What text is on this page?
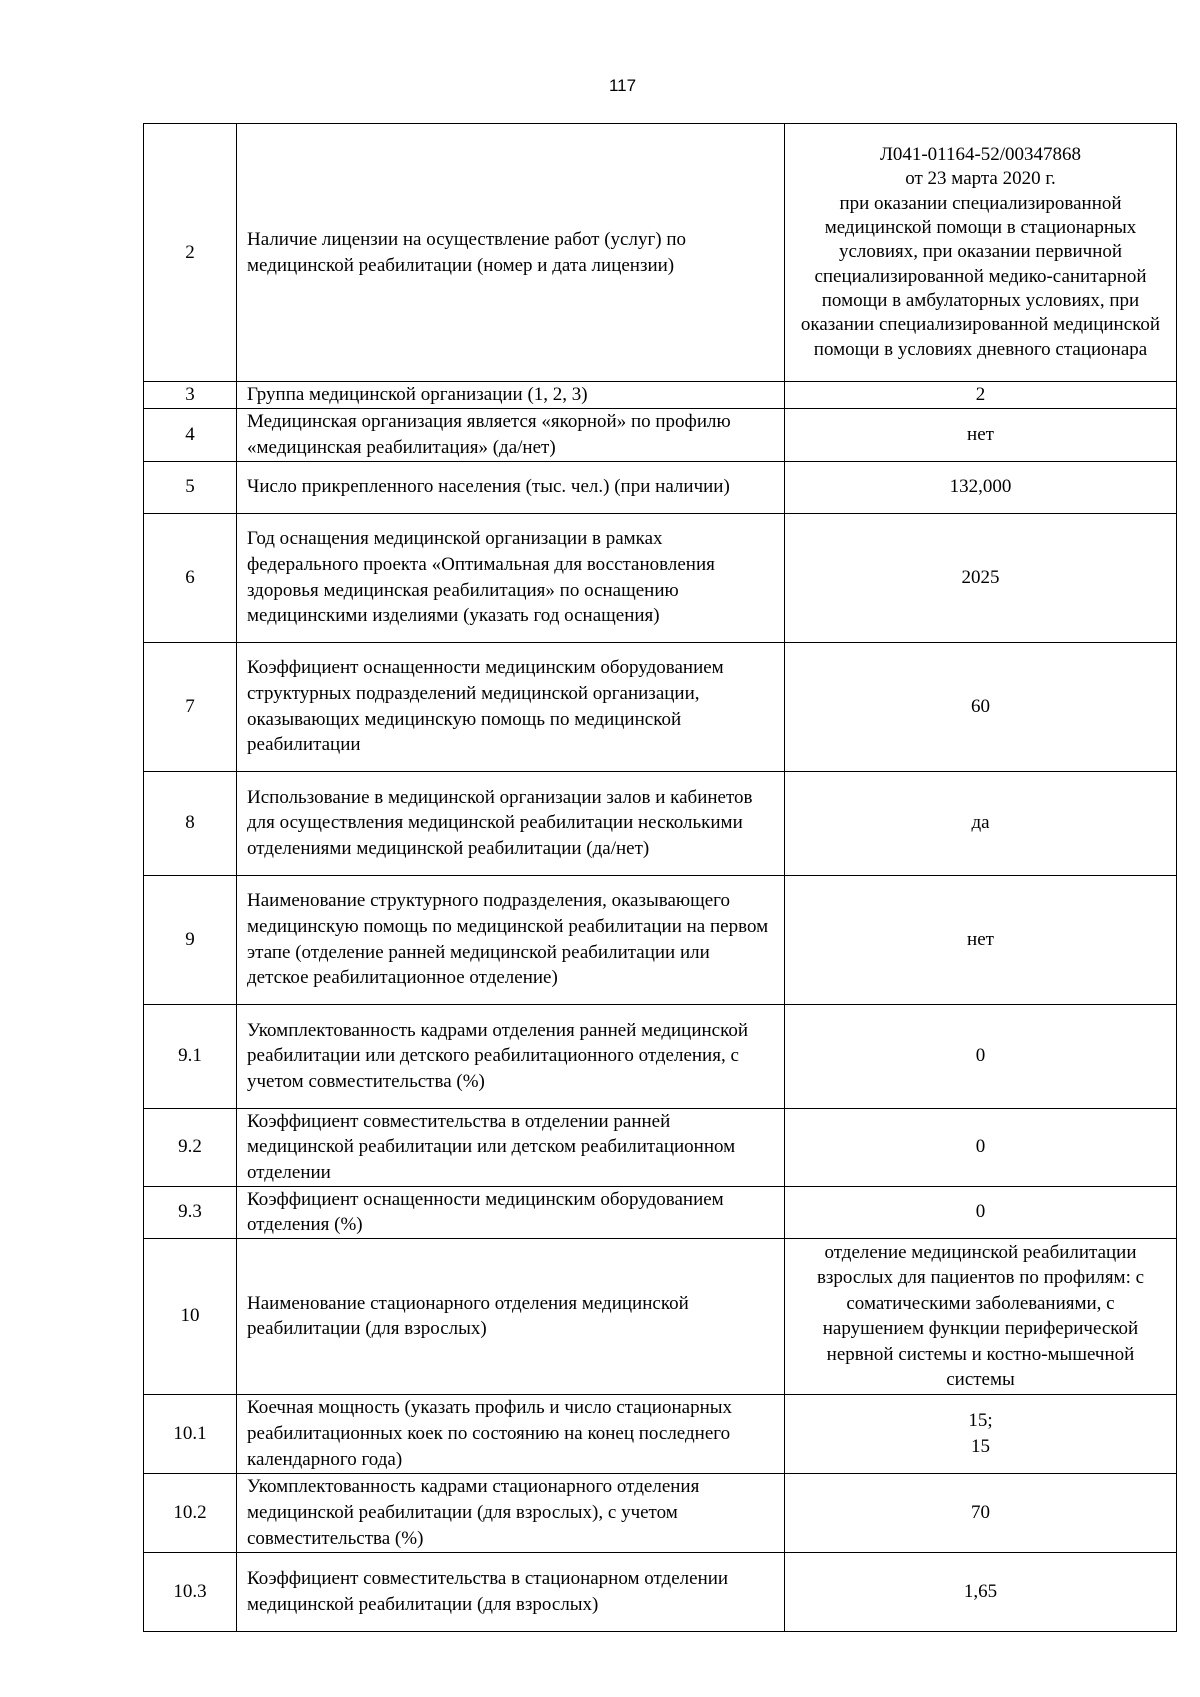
117
2	Наличие лицензии на осуществление работ (услуг) по медицинской реабилитации (номер и дата лицензии)	Л041-01164-52/00347868
от 23 марта 2020 г.
при оказании специализированной медицинской помощи в стационарных условиях, при оказании первичной специализированной медико-санитарной помощи в амбулаторных условиях, при оказании специализированной медицинской помощи в условиях дневного стационара
3	Группа медицинской организации (1, 2, 3)	2
4	Медицинская организация является «якорной» по профилю «медицинская реабилитация» (да/нет)	нет
5	Число прикрепленного населения (тыс. чел.) (при наличии)	132,000
6	Год оснащения медицинской организации в рамках федерального проекта «Оптимальная для восстановления здоровья медицинская реабилитация» по оснащению медицинскими изделиями (указать год оснащения)	2025
7	Коэффициент оснащенности медицинским оборудованием структурных подразделений медицинской организации, оказывающих медицинскую помощь по медицинской реабилитации	60
8	Использование в медицинской организации залов и кабинетов для осуществления медицинской реабилитации несколькими отделениями медицинской реабилитации (да/нет)	да
9	Наименование структурного подразделения, оказывающего медицинскую помощь по медицинской реабилитации на первом этапе (отделение ранней медицинской реабилитации или детское реабилитационное отделение)	нет
9.1	Укомплектованность кадрами отделения ранней медицинской реабилитации или детского реабилитационного отделения, с учетом совместительства (%)	0
9.2	Коэффициент совместительства в отделении ранней медицинской реабилитации или детском реабилитационном отделении	0
9.3	Коэффициент оснащенности медицинским оборудованием отделения (%)	0
10	Наименование стационарного отделения медицинской реабилитации (для взрослых)	отделение медицинской реабилитации взрослых для пациентов по профилям: с соматическими заболеваниями, с нарушением функции периферической нервной системы и костно-мышечной системы
10.1	Коечная мощность (указать профиль и число стационарных реабилитационных коек по состоянию на конец последнего календарного года)	15;
15
10.2	Укомплектованность кадрами стационарного отделения медицинской реабилитации (для взрослых), с учетом совместительства (%)	70
10.3	Коэффициент совместительства в стационарном отделении медицинской реабилитации (для взрослых)	1,65
